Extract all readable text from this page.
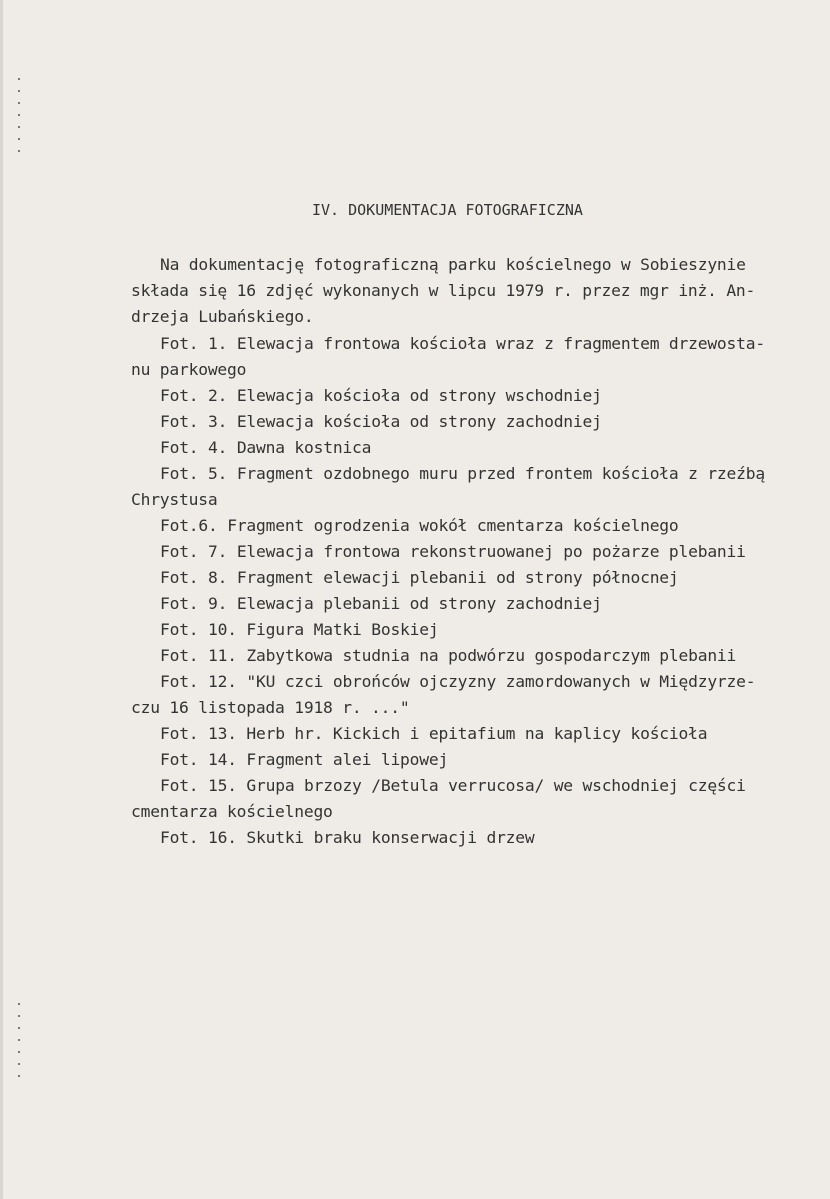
IV. DOKUMENTACJA FOTOGRAFICZNA
Na dokumentację fotograficzną parku kościelnego w Sobieszynie
składa się 16 zdjęć wykonanych w lipcu 1979 r. przez mgr inż. An-
drzeja Lubańskiego.
Fot. 1. Elewacja frontowa kościoła wraz z fragmentem drzewosta-
nu parkowego
Fot. 2. Elewacja kościoła od strony wschodniej
Fot. 3. Elewacja kościoła od strony zachodniej
Fot. 4. Dawna kostnica
Fot. 5. Fragment ozdobnego muru przed frontem kościoła z rzeźbą
Chrystusa
Fot.6. Fragment ogrodzenia wokół cmentarza kościelnego
Fot. 7. Elewacja frontowa rekonstruowanej po pożarze plebanii
Fot. 8. Fragment elewacji plebanii od strony północnej
Fot. 9. Elewacja plebanii od strony zachodniej
Fot. 10. Figura Matki Boskiej
Fot. 11. Zabytkowa studnia na podwórzu gospodarczym plebanii
Fot. 12. "KU czci obrońców ojczyzny zamordowanych w Międzyrze-
czu 16 listopada 1918 r. ..."
Fot. 13. Herb hr. Kickich i epitafium na kaplicy kościoła
Fot. 14. Fragment alei lipowej
Fot. 15. Grupa brzozy /Betula verrucosa/ we wschodniej części
cmentarza kościelnego
Fot. 16. Skutki braku konserwacji drzew
